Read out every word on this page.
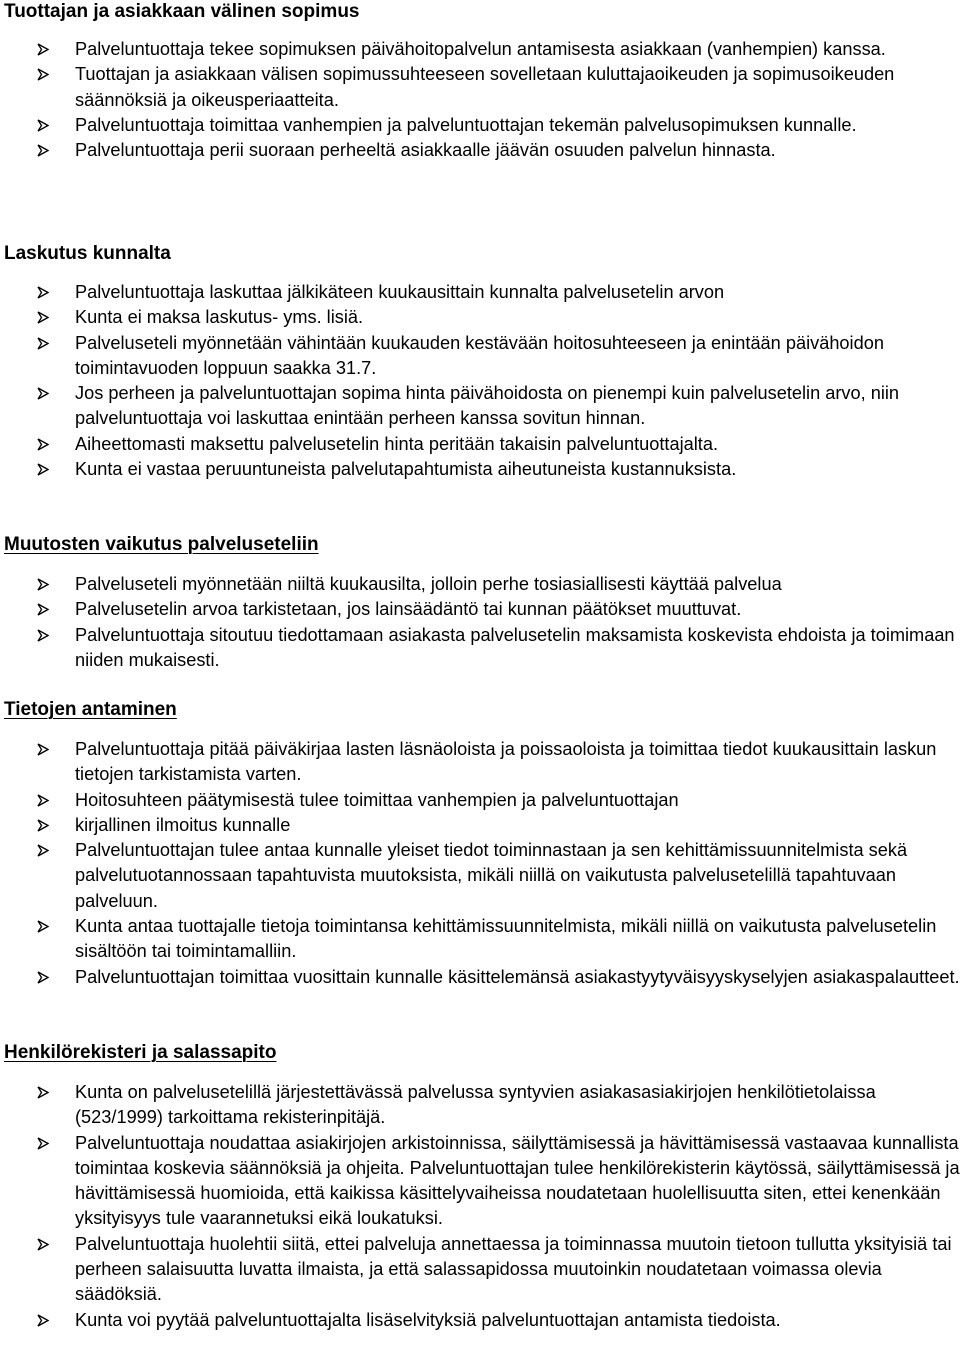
Tuottajan ja asiakkaan välinen sopimus
Palveluntuottaja tekee sopimuksen päivähoitopalvelun antamisesta asiakkaan (vanhempien) kanssa.
Tuottajan ja asiakkaan välisen sopimussuhteeseen sovelletaan kuluttajaoikeuden ja sopimusoikeuden säännöksiä ja oikeusperiaatteita.
Palveluntuottaja toimittaa vanhempien ja palveluntuottajan tekemän palvelusopimuksen kunnalle.
Palveluntuottaja perii suoraan perheeltä asiakkaalle jäävän osuuden palvelun hinnasta.
Laskutus kunnalta
Palveluntuottaja laskuttaa jälkikäteen kuukausittain kunnalta palvelusetelin arvon
Kunta ei maksa laskutus- yms. lisiä.
Palveluseteli myönnetään vähintään kuukauden kestävään hoitosuhteeseen ja enintään päivähoidon toimintavuoden loppuun saakka 31.7.
Jos perheen ja palveluntuottajan sopima hinta päivähoidosta on pienempi kuin palvelusetelin arvo, niin palveluntuottaja voi laskuttaa enintään perheen kanssa sovitun hinnan.
Aiheettomasti maksettu palvelusetelin hinta peritään takaisin palveluntuottajalta.
Kunta ei vastaa peruuntuneista palvelutapahtumista aiheutuneista kustannuksista.
Muutosten vaikutus palveluseteliin
Palveluseteli myönnetään niiltä kuukausilta, jolloin perhe tosiasiallisesti käyttää palvelua
Palvelusetelin arvoa tarkistetaan, jos lainsäädäntö tai kunnan päätökset muuttuvat.
Palveluntuottaja sitoutuu tiedottamaan asiakasta palvelusetelin maksamista koskevista ehdoista ja toimimaan niiden mukaisesti.
Tietojen antaminen
Palveluntuottaja pitää päiväkirjaa lasten läsnäoloista ja poissaoloista ja toimittaa tiedot kuukausittain laskun tietojen tarkistamista varten.
Hoitosuhteen päätymisestä tulee toimittaa vanhempien ja palveluntuottajan
kirjallinen ilmoitus kunnalle
Palveluntuottajan tulee antaa kunnalle yleiset tiedot toiminnastaan ja sen kehittämissuunnitelmista sekä palvelutuotannossaan tapahtuvista muutoksista, mikäli niillä on vaikutusta palvelusetelillä tapahtuvaan palveluun.
Kunta antaa tuottajalle tietoja toimintansa kehittämissuunnitelmista, mikäli niillä on vaikutusta palvelusetelin sisältöön tai toimintamalliin.
Palveluntuottajan toimittaa vuosittain kunnalle käsittelemänsä asiakastyytyväisyyskyselyjen asiakaspalautteet.
Henkilörekisteri ja salassapito
Kunta on palvelusetelillä järjestettävässä palvelussa syntyvien asiakasasiakirjojen henkilötietolaissa (523/1999) tarkoittama rekisterinpitäjä.
Palveluntuottaja noudattaa asiakirjojen arkistoinnissa, säilyttämisessä ja hävittämisessä vastaavaa kunnallista toimintaa koskevia säännöksiä ja ohjeita. Palveluntuottajan tulee henkilörekisterin käytössä, säilyttämisessä ja hävittämisessä huomioida, että kaikissa käsittelyvaiheissa noudatetaan huolellisuutta siten, ettei kenenkään yksityisyys tule vaarannetuksi eikä loukatuksi.
Palveluntuottaja huolehtii siitä, ettei palveluja annettaessa ja toiminnassa muutoin tietoon tullutta yksityisiä tai perheen salaisuutta luvatta ilmaista, ja että salassapidossa muutoinkin noudatetaan voimassa olevia säädöksiä.
Kunta voi pyytää palveluntuottajalta lisäselvityksiä palveluntuottajan antamista tiedoista.
